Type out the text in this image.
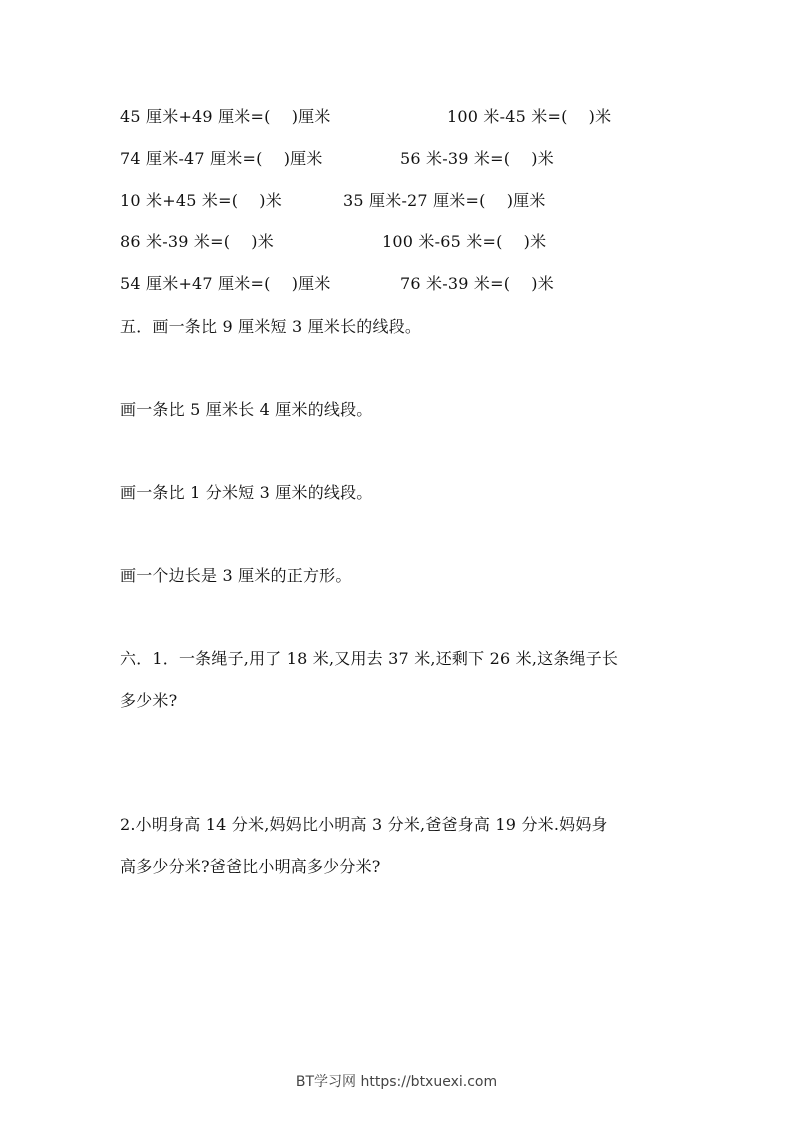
45 厘米+49 厘米=(    )厘米	100 米-45 米=(    )米
74 厘米-47 厘米=(    )厘米	56 米-39 米=(    )米
10 米+45 米=(    )米	35 厘米-27 厘米=(    )厘米
86 米-39 米=(    )米	100 米-65 米=(    )米
54 厘米+47 厘米=(    )厘米	76 米-39 米=(    )米
五．画一条比 9 厘米短 3 厘米长的线段。
画一条比 5 厘米长 4 厘米的线段。
画一条比 1 分米短 3 厘米的线段。
画一个边长是 3 厘米的正方形。
六．1．一条绳子,用了 18 米,又用去 37 米,还剩下 26 米,这条绳子长
多少米?
2.小明身高 14 分米,妈妈比小明高 3 分米,爸爸身高 19 分米.妈妈身
高多少分米?爸爸比小明高多少分米?
BT学习网 https://btxuexi.com
